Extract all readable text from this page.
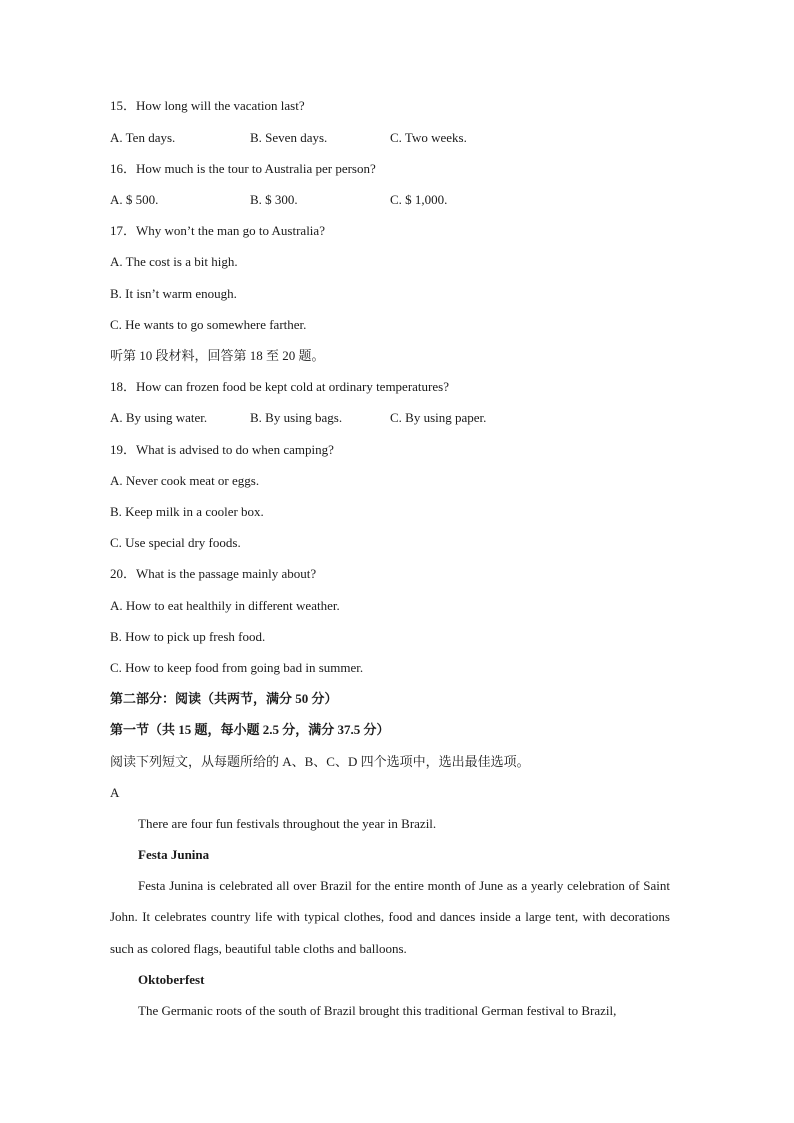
15．How long will the vacation last?
A. Ten days.	B. Seven days.	C. Two weeks.
16．How much is the tour to Australia per person?
A. $ 500.	B. $ 300.	C. $ 1,000.
17．Why won’t the man go to Australia?
A. The cost is a bit high.
B. It isn’t warm enough.
C. He wants to go somewhere farther.
听第 10 段材料，回答第 18 至 20 题。
18．How can frozen food be kept cold at ordinary temperatures?
A. By using water.	B. By using bags.	C. By using paper.
19．What is advised to do when camping?
A. Never cook meat or eggs.
B. Keep milk in a cooler box.
C. Use special dry foods.
20．What is the passage mainly about?
A. How to eat healthily in different weather.
B. How to pick up fresh food.
C. How to keep food from going bad in summer.
第二部分：阅读（共两节，满分 50 分）
第一节（共 15 题，每小题 2.5 分，满分 37.5 分）
阅读下列短文，从每题所给的 A、B、C、D 四个选项中，选出最佳选项。
A
There are four fun festivals throughout the year in Brazil.
Festa Junina
Festa Junina is celebrated all over Brazil for the entire month of June as a yearly celebration of Saint John. It celebrates country life with typical clothes, food and dances inside a large tent, with decorations such as colored flags, beautiful table cloths and balloons.
Oktoberfest
The Germanic roots of the south of Brazil brought this traditional German festival to Brazil,
